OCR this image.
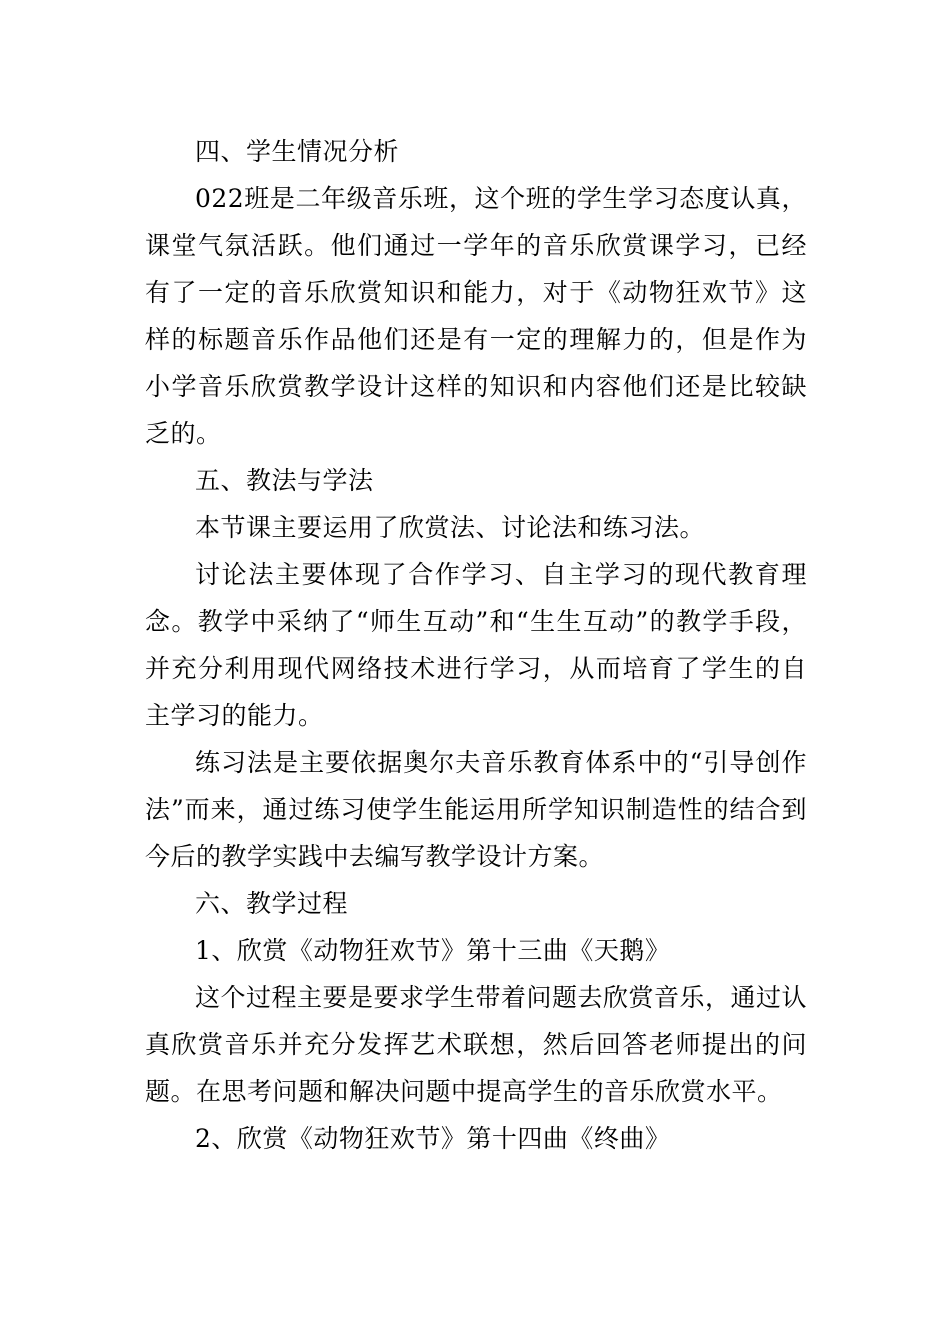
四、学生情况分析

022班是二年级音乐班，这个班的学生学习态度认真，课堂气氛活跃。他们通过一学年的音乐欣赏课学习，已经有了一定的音乐欣赏知识和能力，对于《动物狂欢节》这样的标题音乐作品他们还是有一定的理解力的，但是作为小学音乐欣赏教学设计这样的知识和内容他们还是比较缺乏的。

五、教法与学法

本节课主要运用了欣赏法、讨论法和练习法。

讨论法主要体现了合作学习、自主学习的现代教育理念。教学中采纳了“师生互动”和“生生互动”的教学手段，并充分利用现代网络技术进行学习，从而培育了学生的自主学习的能力。

练习法是主要依据奥尔夫音乐教育体系中的“引导创作法”而来，通过练习使学生能运用所学知识制造性的结合到今后的教学实践中去编写教学设计方案。

六、教学过程

1、欣赏《动物狂欢节》第十三曲《天鹅》

这个过程主要是要求学生带着问题去欣赏音乐，通过认真欣赏音乐并充分发挥艺术联想，然后回答老师提出的问题。在思考问题和解决问题中提高学生的音乐欣赏水平。

2、欣赏《动物狂欢节》第十四曲《终曲》
